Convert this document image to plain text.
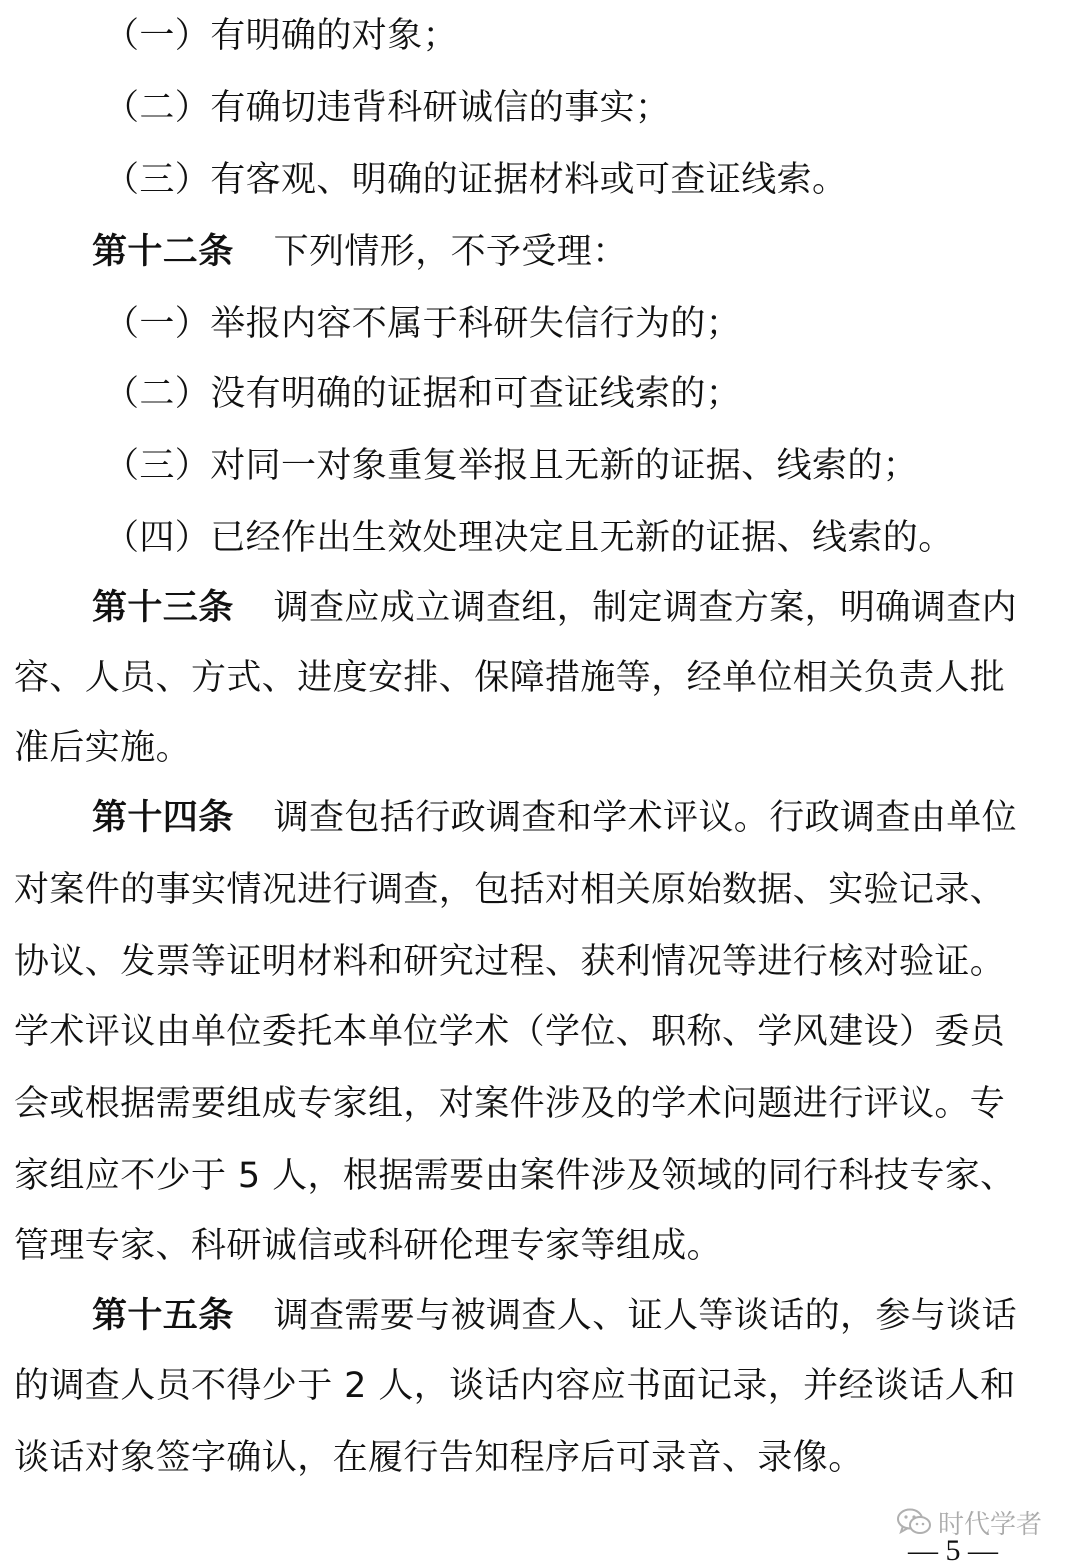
（一）有明确的对象；
（二）有确切违背科研诚信的事实；
（三）有客观、明确的证据材料或可查证线索。
第十二条 下列情形，不予受理：
（一）举报内容不属于科研失信行为的；
（二）没有明确的证据和可查证线索的；
（三）对同一对象重复举报且无新的证据、线索的；
（四）已经作出生效处理决定且无新的证据、线索的。
第十三条 调查应成立调查组，制定调查方案，明确调查内
容、人员、方式、进度安排、保障措施等，经单位相关负责人批
准后实施。
第十四条 调查包括行政调查和学术评议。行政调查由单位
对案件的事实情况进行调查，包括对相关原始数据、实验记录、
协议、发票等证明材料和研究过程、获利情况等进行核对验证。
学术评议由单位委托本单位学术（学位、职称、学风建设）委员
会或根据需要组成专家组，对案件涉及的学术问题进行评议。专
家组应不少于 5 人，根据需要由案件涉及领域的同行科技专家、
管理专家、科研诚信或科研伦理专家等组成。
第十五条 调查需要与被调查人、证人等谈话的，参与谈话
的调查人员不得少于 2 人，谈话内容应书面记录，并经谈话人和
谈话对象签字确认，在履行告知程序后可录音、录像。
时代学者
— 5 —
